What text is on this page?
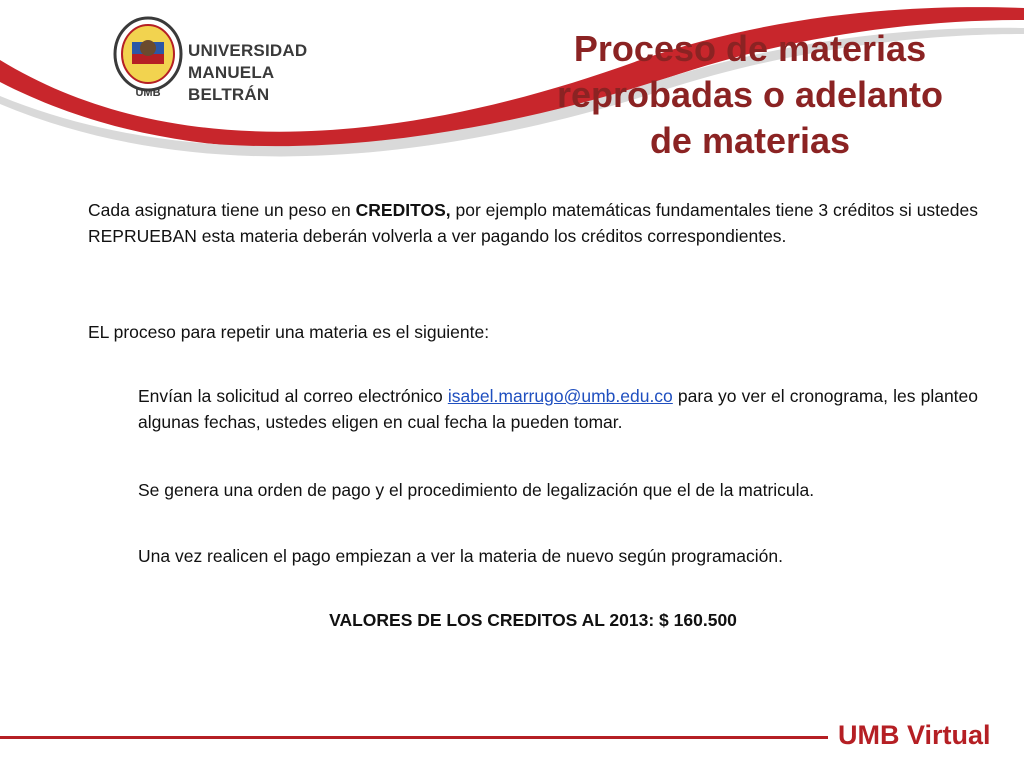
UMB
UNIVERSIDAD
MANUELA BELTRÁN
Proceso de materias
reprobadas o adelanto
de materias

Cada asignatura tiene un peso en CREDITOS, por ejemplo matemáticas fundamentales tiene 3 créditos si ustedes REPRUEBAN esta materia deberán volverla a ver pagando los créditos correspondientes.

EL proceso para repetir una materia es el siguiente:

Envían la solicitud al correo electrónico isabel.marrugo@umb.edu.co para yo ver el cronograma, les planteo algunas fechas, ustedes eligen en cual fecha la pueden tomar.

Se genera una orden de pago y el procedimiento de legalización que el de la matricula.

Una vez realicen el pago empiezan a ver la materia de nuevo según programación.

VALORES DE LOS CREDITOS AL 2013: $ 160.500

UMB Virtual
